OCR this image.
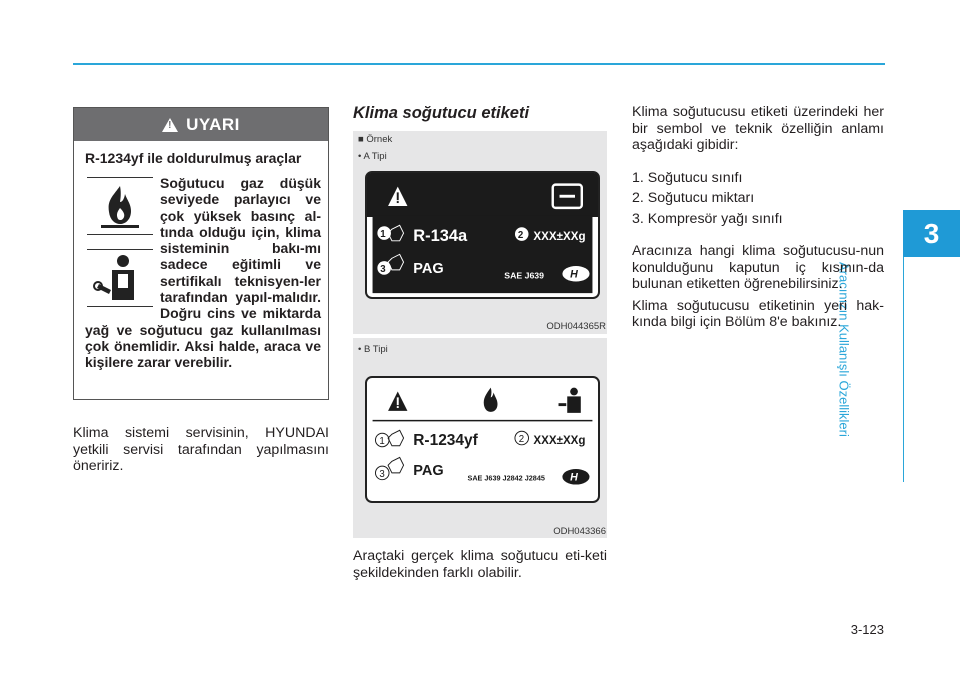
3
Aracınızın Kullanışlı Özellikleri
!
UYARI
R-1234yf ile doldurulmuş araçlar
Soğutucu gaz düşük seviyede parlayıcı ve çok yüksek basınç al-tında olduğu için, klima sisteminin bakı-mı sadece eğitimli ve sertifikalı teknisyen-ler tarafından yapıl-malıdır. Doğru cins ve miktarda yağ ve soğutucu gaz kullanılması çok önemlidir. Aksi halde, araca ve kişilere zarar verebilir.
Klima sistemi servisinin, HYUNDAI yetkili servisi tarafından yapılmasını öneririz.
Klima soğutucu etiketi
■ Örnek
• A Tipi
1 R-134a	2 XXX±XXg
3 PAG	SAE J639 H
ODH044365R
• B Tipi
1 R-1234yf	2 XXX±XXg
3 PAG	SAE J639 J2842 J2845 H
ODH043366
Araçtaki gerçek klima soğutucu eti-keti şekildekinden farklı olabilir.

Klima soğutucusu etiketi üzerindeki her bir sembol ve teknik özelliğin anlamı aşağıdaki gibidir:

1. Soğutucu sınıfı

2. Soğutucu miktarı

3. Kompresör yağı sınıfı

Aracınıza hangi klima soğutucusu-nun konulduğunu kaputun iç kısmın-da bulunan etiketten öğrenebilirsiniz.

Klima soğutucusu etiketinin yeri hak-kında bilgi için Bölüm 8'e bakınız.

3-123
